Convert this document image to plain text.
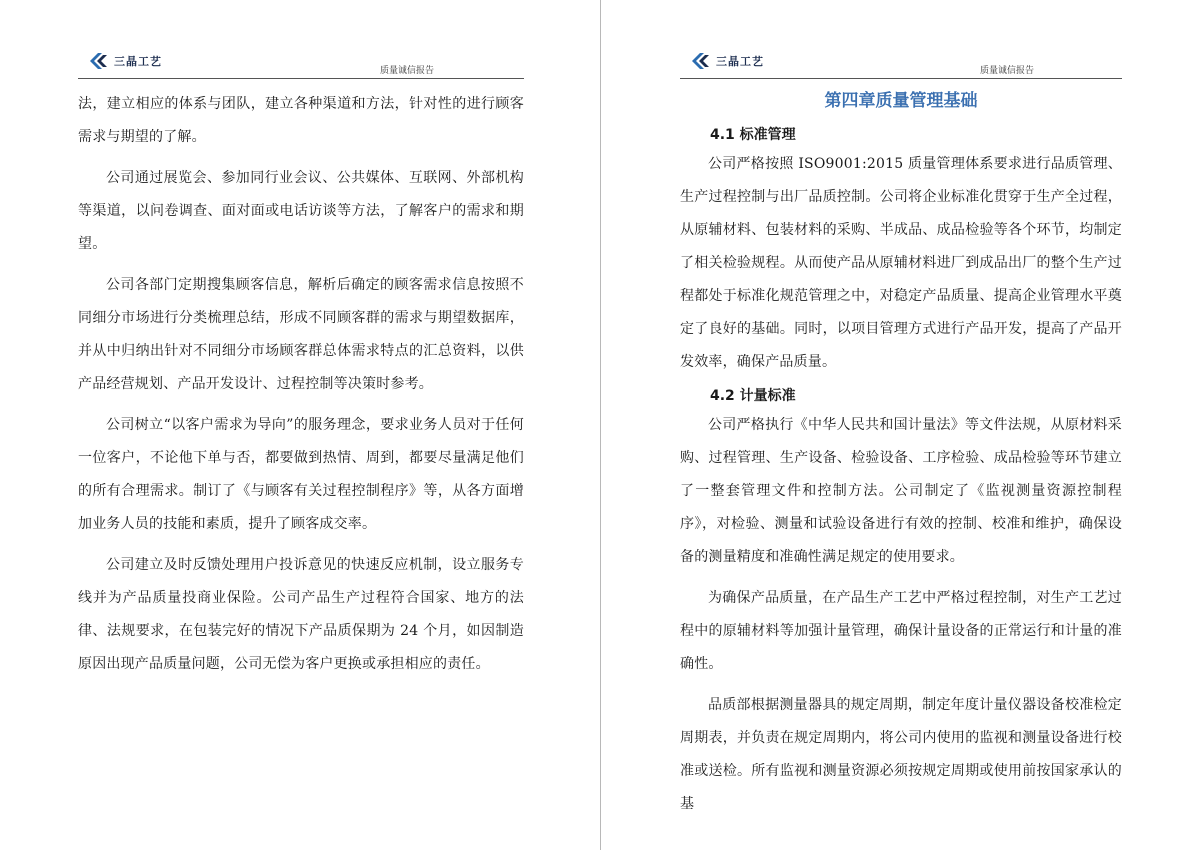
三晶工艺
质量诚信报告

法，建立相应的体系与团队，建立各种渠道和方法，针对性的进行顾客需求与期望的了解。

公司通过展览会、参加同行业会议、公共媒体、互联网、外部机构等渠道，以问卷调查、面对面或电话访谈等方法，了解客户的需求和期望。

公司各部门定期搜集顾客信息，解析后确定的顾客需求信息按照不同细分市场进行分类梳理总结，形成不同顾客群的需求与期望数据库，并从中归纳出针对不同细分市场顾客群总体需求特点的汇总资料，以供产品经营规划、产品开发设计、过程控制等决策时参考。

公司树立“以客户需求为导向”的服务理念，要求业务人员对于任何一位客户，不论他下单与否，都要做到热情、周到，都要尽量满足他们的所有合理需求。制订了《与顾客有关过程控制程序》等，从各方面增加业务人员的技能和素质，提升了顾客成交率。

公司建立及时反馈处理用户投诉意见的快速反应机制，设立服务专线并为产品质量投商业保险。公司产品生产过程符合国家、地方的法律、法规要求，在包装完好的情况下产品质保期为 24 个月，如因制造原因出现产品质量问题，公司无偿为客户更换或承担相应的责任。

三晶工艺
质量诚信报告
第四章质量管理基础
4.1 标准管理

公司严格按照 ISO9001:2015 质量管理体系要求进行品质管理、生产过程控制与出厂品质控制。公司将企业标准化贯穿于生产全过程，从原辅材料、包装材料的采购、半成品、成品检验等各个环节，均制定了相关检验规程。从而使产品从原辅材料进厂到成品出厂的整个生产过程都处于标准化规范管理之中，对稳定产品质量、提高企业管理水平奠定了良好的基础。同时，以项目管理方式进行产品开发，提高了产品开发效率，确保产品质量。

4.2 计量标准

公司严格执行《中华人民共和国计量法》等文件法规，从原材料采购、过程管理、生产设备、检验设备、工序检验、成品检验等环节建立了一整套管理文件和控制方法。公司制定了《监视测量资源控制程序》，对检验、测量和试验设备进行有效的控制、校准和维护，确保设备的测量精度和准确性满足规定的使用要求。

为确保产品质量，在产品生产工艺中严格过程控制，对生产工艺过程中的原辅材料等加强计量管理，确保计量设备的正常运行和计量的准确性。

品质部根据测量器具的规定周期，制定年度计量仪器设备校准检定周期表，并负责在规定周期内，将公司内使用的监视和测量设备进行校准或送检。所有监视和测量资源必须按规定周期或使用前按国家承认的基
